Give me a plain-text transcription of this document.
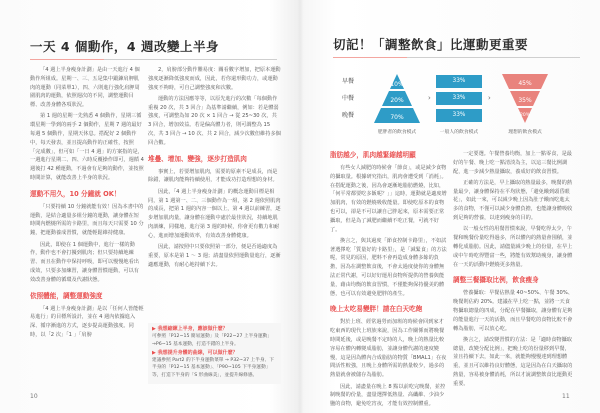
一天 4 個動作，4 週改變上半身

「4 週上半身瘦身計劃」是由一天進行 4 個動作所組成。星期一、三、五是集中鍛鍊肩胛肌肉的運動（同菜單1），四、六則進行強化肩胛周圍肌肉的運動，依照週次的不同，調整運動目標、改善身體各項狀況。

第 1 週的星期一先熟悉 4 個動作，星期三循環星期一學到的兩手 2 個動作，星期 7 週的最好每週 5 個動作，星期天休息。搭配好 2 個動作中，每天發表，並且提高動作的正確性，按照「完成數」，但可如「一日 4 週」的方案指的是，一週進行星期二、四、六時反覆操作即可，週循 4 週後打 42 種運動，不過會有足夠的動作，並按照時間計算，就能改善上半身的狀況。

運動不用久，10 分鐘就 OK！

「只要持續 10 分鐘就能有效！因為本書中的運動，是結合適量多組分鐘的運動，讓身體在短時間內燃燒所需的卡路里，而且每天只需要 10 分鐘，把運動養成習慣，就能輕鬆維持健康。

因此，即使在 1 個運動中，進行一樣的動作，動作也不會打擾到肌肉；但只要持續地練習、而且在動作中保持呼吸，即可以慢慢地看出成效，只要多加練習，讓身體習慣運動，可以有效改善身體的循環及代謝狀態。

依照體能，調整運動強度

「4 週上半身瘦身計劃」是以「任何人皆能輕易進行」的目標所設計，並在 4 週內依據進入深、循序漸進的方式，逐步提高運動強度。同時，以「2 次」「1 」「肩膀

2，肩膀部分動作難易度：關看數字增加，把原本運動強度逐漸降低強度而成，因此，若你還形動功力，或運動強度不夠時，可自己調整強度和次數。

運動的方法因應等等，以原先進行的次數「每個動作重複 20 次，共 3 回合」為基準請繼續，例如：若是體弱強度，可調整為如 20 次 × 1 回合 → 從 25~30 次，共 3 回合，增加效益。若是偏高體力者，則可調整為 15 次，共 3 回合 → 10 次、共 2 回合，減少次數但維持多個回合數。

堆疊、增加、變強，逐步打造肌肉

事實上，若要增加肌肉，需要的原素不是成長，而是除錯，讓肌肉能夠持續使用，才能成功打造理想的身材。

因此，「4 週上半身瘦身計劃」的概念運動目標是相同，第 1 週第一、二、三個動作為一組，第 2 週依照肌肉的成長，把第 1 週的內容一個以上，第 4 週以前練習，逐步增加肌肉量，讓身體在運動中處於最佳狀況，持續地肌肉訓練，同樣地，進行第 3 週的時候，你會更有數力和耐心，進而增加運動效率，有效改善身體健康。

因此，請按照中只要依照第一部分，便是否過適度為重要，原本是第 1 ～ 3 週；請盡量依照運動量進行，逐漸適應運動，有耐心地持續下去。

▶ 我想縮練上半身，應該做什麼？
可參照「P12~15 簡易運動」及「P22~27 上半身運動」→P6~15 基本運動，打造不錯的上半身。
▶ 我想提升身體的曲線，可以做什麼？
建議參照 Part2 的下半身運動菜單 → P32~37 上半身、下半身的「P12~15 基本運動」、「P90~105 下半身運動」等，打造下半身的「S 形曲線美」，並提升線條感。
10
切記！「調整飲食」比運動更重要
早餐
中餐
晚餐
10%
20%
70%
肥胖者的飲食模式
›
33%
33%
33%
一般人的飲食模式
›
45%
35%
20%
理想的飲食模式
脂肪越少，肌肉越緊縮越明顯

有些女人減肥的時候會「節食」，或是減少食物的攝取量。根據研究指出，肌肉會遭受到「消耗」。在搭配運動之後，因為會逐漸地脂肪燃燒，比如，「何平常都要吃多飯呢？」」這時，運動就是適度增加肌肉，有效的燃燒吸收能量。即使吃原本的食物也可以，卻是不可以讓自己胖起來，原本需要正常攝取，但是為了減肥而繼續不吃正餐，可就不好了。

換言之，與其過度「節食控制卡路里」，不如試著選擇吃「質量好的卡路里」，是「減緊食」的方法呢，常見的原因，肥料不會再造成身體多餘的負擔，因為在調整飲食後，不會太過度使你的身體無法正常代謝，可以好好運用食物所提供的營養與能量，藉由均衡的飲食習慣，不僅能夠保持優美的體態，也可以有效避免肥胖的產生。

晚上太吃易變胖！請在白天吃飽

對於上班、經常過勞而加班的時候會回到家才吃東西的現代上班族來說，因為工作關係而將晚餐時間延後，或是晚餐不定時的人，晚上的熱量比較容易在體內轉變成脂肪，並讓身體代謝的速度變慢，這是因為體內合成脂肪的物質「BMAL1」在夜間活性較強，且晚上身體所需的熱量較少，過多的熱量就會被儲存為脂肪。

因此，請盡量在晚上 8 點以前吃完晚餐，並控制晚餐的份量，盡量選擇低熱量、高纖維、少油少鹽的食物，避免吃宵夜，才能有效控制體重。

一定要選。午餐營養均衡，加上一點零食，是最好的午餐、晚上吃一點清淡為主，以這三餐比例調配，進一步減少熱量攝取，養成好的飲食習慣。

正確的方法是，早上攝取的熱量最多，晚餐的熱量最少，讓身體保持在平均狀態，「避免餓到頭昏眼花」，如此一來，可以減少晚上因為肚子餓而吃進太多的食物，不僅可以減少身體負擔，也能讓身體吸收到足夠的營養，以達到瘦身的目的。

以一般女性的用餐習慣來說，早餐吃得太少，午餐和晚餐份量吃得過多，所以體內的熱量會囤積，並轉化成脂肪。因此，請儘量減少晚上的份量，在早上或中午時吃得豐富一些，將能有效幫助瘦身，讓身體在一天的活動中燃燒更多熱量。

調整三餐攝取比例，飲食瘦身

營養攝取：早餐佔熱量 40~50%、午餐 30%、晚餐則佔約 20%。建議在早上吃一點，並將一天食物攝取總量的四成，分配在早餐攝取，讓身體有足夠的能量進行一天的活動，而且早餐吃的食物比較不會轉為脂肪，可以放心吃。

換言之，請改變習慣的方法：是「適時食物攝取總量，改變分配比例」，把晚上吃的份量移到早餐，並且持續下去，如此一來，就能夠慢慢達到理想體重，並且可以維持良好體態，這是因為在白天攝取的熱量，容易被身體消耗，所以才說調整飲食比運動更重要。

11
